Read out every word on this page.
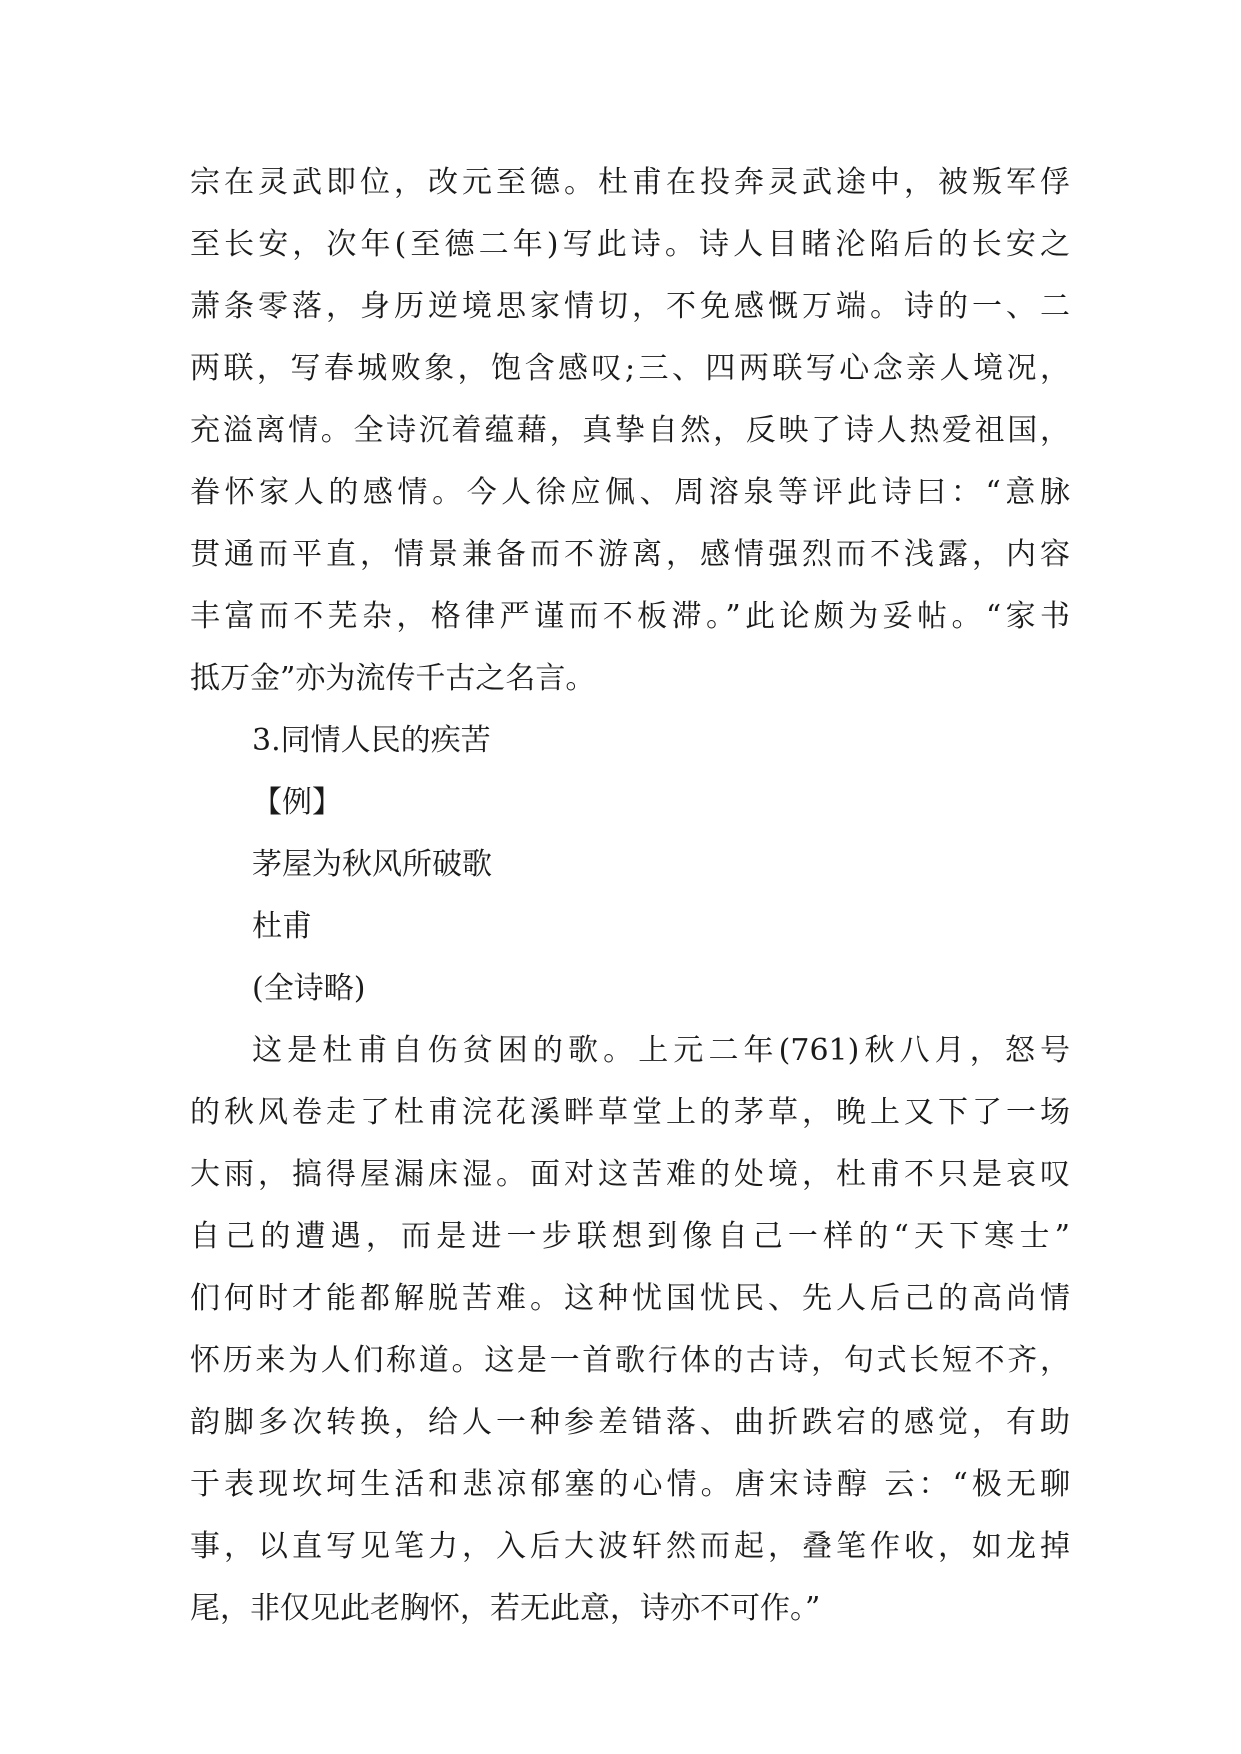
宗在灵武即位，改元至德。杜甫在投奔灵武途中，被叛军俘
至长安，次年(至德二年)写此诗。诗人目睹沦陷后的长安之
萧条零落，身历逆境思家情切，不免感慨万端。诗的一、二
两联，写春城败象，饱含感叹;三、四两联写心念亲人境况，
充溢离情。全诗沉着蕴藉，真挚自然，反映了诗人热爱祖国，
眷怀家人的感情。今人徐应佩、周溶泉等评此诗曰：“意脉
贯通而平直，情景兼备而不游离，感情强烈而不浅露，内容
丰富而不芜杂，格律严谨而不板滞。”此论颇为妥帖。“家书
抵万金”亦为流传千古之名言。
3.同情人民的疾苦
【例】
茅屋为秋风所破歌
杜甫
(全诗略)
这是杜甫自伤贫困的歌。上元二年(761)秋八月，怒号
的秋风卷走了杜甫浣花溪畔草堂上的茅草，晚上又下了一场
大雨，搞得屋漏床湿。面对这苦难的处境，杜甫不只是哀叹
自己的遭遇，而是进一步联想到像自己一样的“天下寒士”
们何时才能都解脱苦难。这种忧国忧民、先人后己的高尚情
怀历来为人们称道。这是一首歌行体的古诗，句式长短不齐，
韵脚多次转换，给人一种参差错落、曲折跌宕的感觉，有助
于表现坎坷生活和悲凉郁塞的心情。唐宋诗醇 云：“极无聊
事，以直写见笔力，入后大波轩然而起，叠笔作收，如龙掉
尾，非仅见此老胸怀，若无此意，诗亦不可作。”
